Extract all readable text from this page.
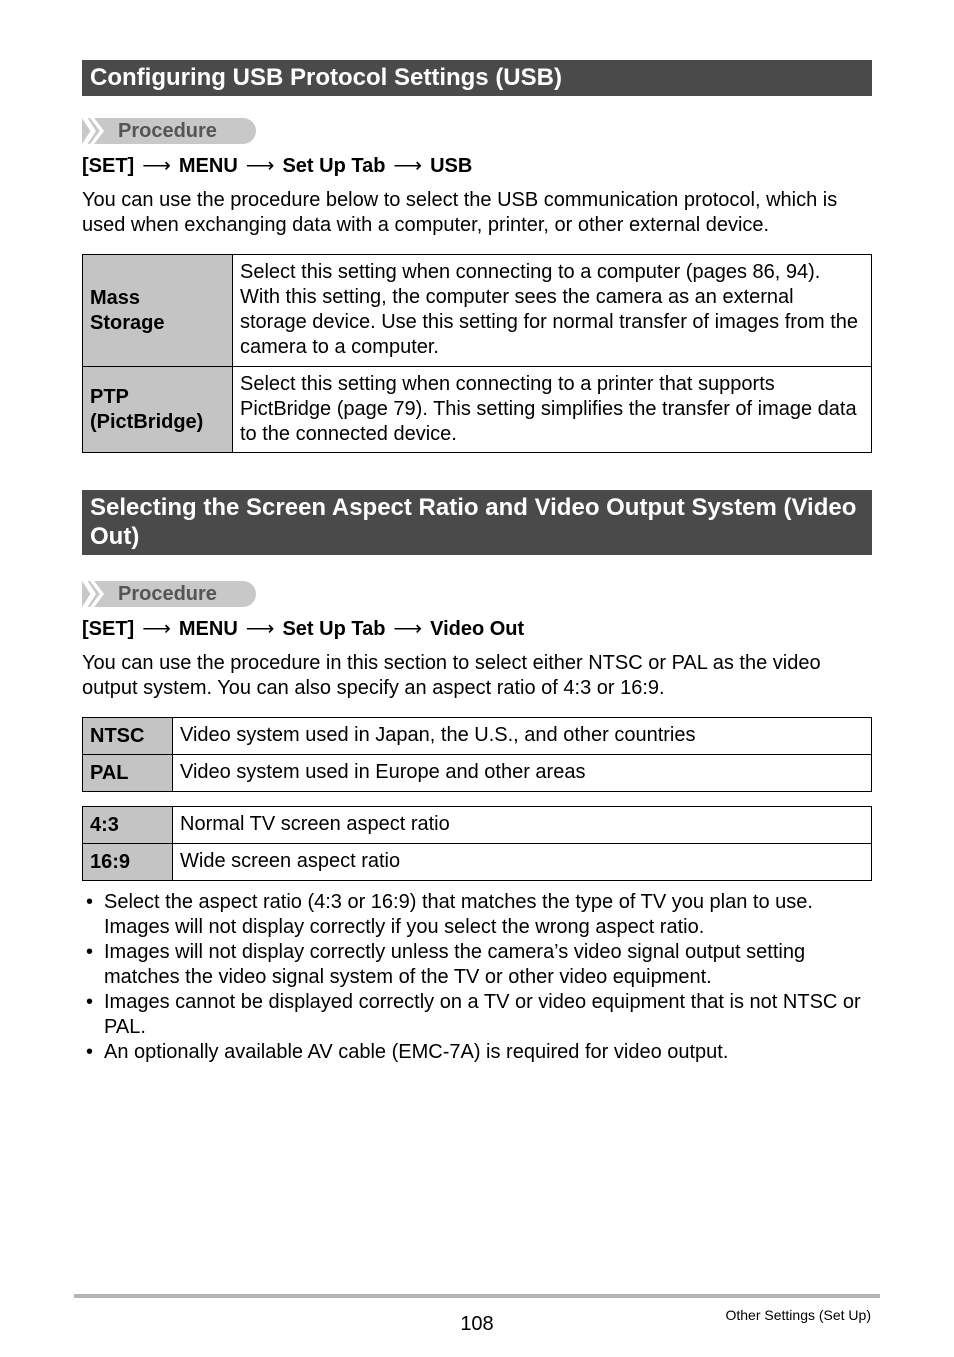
Configuring USB Protocol Settings (USB)
Procedure
[SET] ⟶ MENU ⟶ Set Up Tab ⟶ USB
You can use the procedure below to select the USB communication protocol, which is used when exchanging data with a computer, printer, or other external device.
Mass Storage	Select this setting when connecting to a computer (pages 86, 94). With this setting, the computer sees the camera as an external storage device. Use this setting for normal transfer of images from the camera to a computer.

PTP (PictBridge)	Select this setting when connecting to a printer that supports PictBridge (page 79). This setting simplifies the transfer of image data to the connected device.
Selecting the Screen Aspect Ratio and Video Output System (Video Out)
Procedure
[SET] ⟶ MENU ⟶ Set Up Tab ⟶ Video Out
You can use the procedure in this section to select either NTSC or PAL as the video output system. You can also specify an aspect ratio of 4:3 or 16:9.
NTSC	Video system used in Japan, the U.S., and other countries
PAL	Video system used in Europe and other areas
4:3	Normal TV screen aspect ratio
16:9	Wide screen aspect ratio
• Select the aspect ratio (4:3 or 16:9) that matches the type of TV you plan to use. Images will not display correctly if you select the wrong aspect ratio.
• Images will not display correctly unless the camera’s video signal output setting matches the video signal system of the TV or other video equipment.
• Images cannot be displayed correctly on a TV or video equipment that is not NTSC or PAL.
• An optionally available AV cable (EMC-7A) is required for video output.
108	Other Settings (Set Up)
